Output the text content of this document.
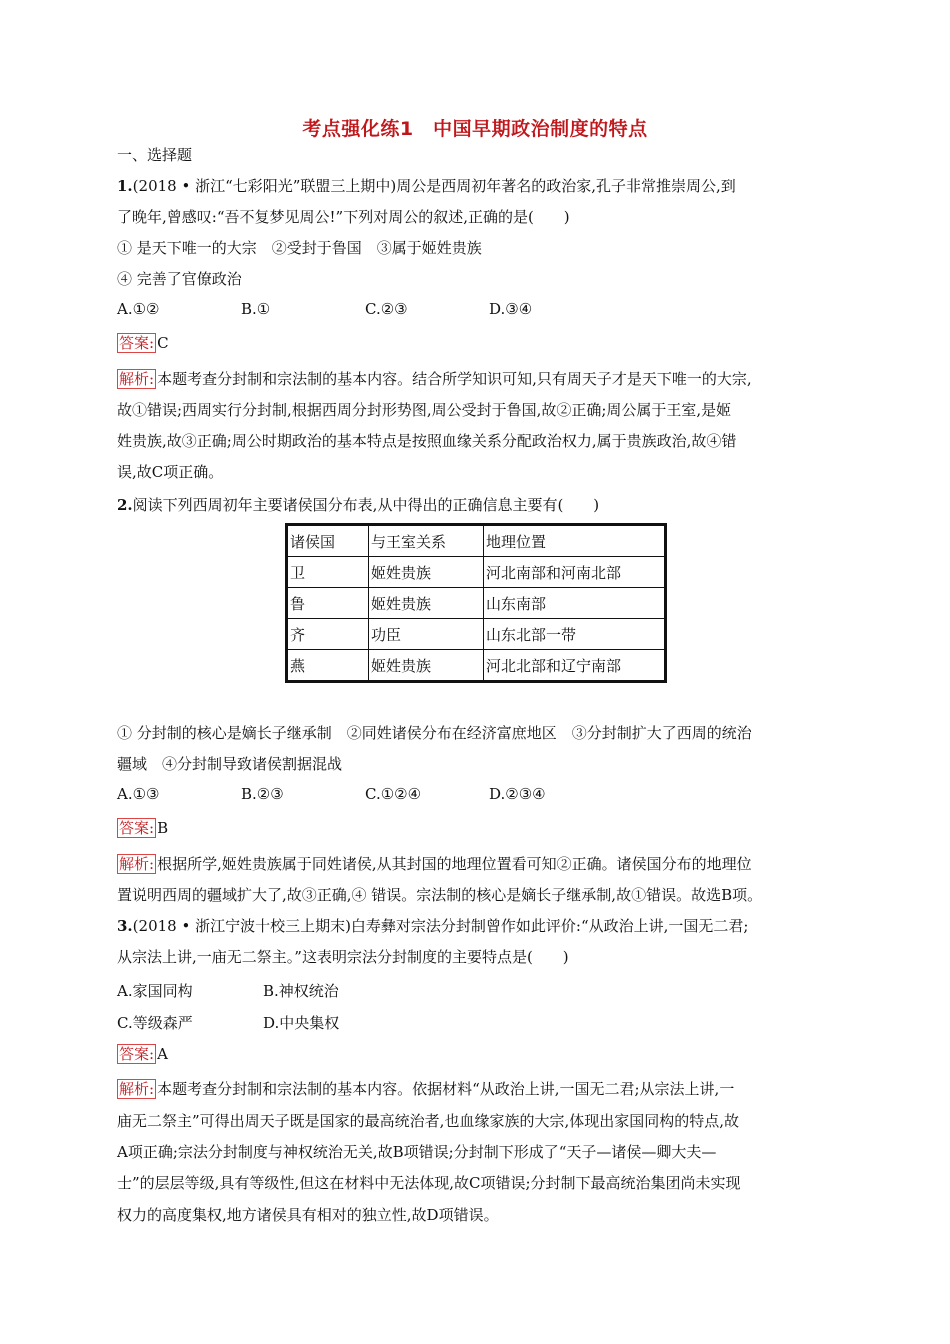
考点强化练1　中国早期政治制度的特点
一、选择题
1.(2018 • 浙江“七彩阳光”联盟三上期中)周公是西周初年著名的政治家,孔子非常推崇周公,到
了晚年,曾感叹:“吾不复梦见周公!”下列对周公的叙述,正确的是(　　)
① 是天下唯一的大宗　②受封于鲁国　③属于姬姓贵族
④ 完善了官僚政治
A.①②	B.①	C.②③	D.③④
答案: C
解析: 本题考查分封制和宗法制的基本内容。结合所学知识可知,只有周天子才是天下唯一的大宗,
故①错误;西周实行分封制,根据西周分封形势图,周公受封于鲁国,故②正确;周公属于王室,是姬
姓贵族,故③正确;周公时期政治的基本特点是按照血缘关系分配政治权力,属于贵族政治,故④错
误,故C项正确。
2.阅读下列西周初年主要诸侯国分布表,从中得出的正确信息主要有(　　)
诸侯国	与王室关系	地理位置
卫	姬姓贵族	河北南部和河南北部
鲁	姬姓贵族	山东南部
齐	功臣	山东北部一带
燕	姬姓贵族	河北北部和辽宁南部
① 分封制的核心是嫡长子继承制　②同姓诸侯分布在经济富庶地区　③分封制扩大了西周的统治
疆域　④分封制导致诸侯割据混战
A.①③	B.②③	C.①②④	D.②③④
答案: B
解析: 根据所学,姬姓贵族属于同姓诸侯,从其封国的地理位置看可知②正确。诸侯国分布的地理位
置说明西周的疆域扩大了,故③正确,④ 错误。宗法制的核心是嫡长子继承制,故①错误。故选B项。
3.(2018 • 浙江宁波十校三上期末)白寿彝对宗法分封制曾作如此评价:“从政治上讲,一国无二君;
从宗法上讲,一庙无二祭主。”这表明宗法分封制度的主要特点是(　　)
A.家国同构	B.神权统治
C.等级森严	D.中央集权
答案: A
解析: 本题考查分封制和宗法制的基本内容。依据材料“从政治上讲,一国无二君;从宗法上讲,一
庙无二祭主”可得出周天子既是国家的最高统治者,也血缘家族的大宗,体现出家国同构的特点,故
A项正确;宗法分封制度与神权统治无关,故B项错误;分封制下形成了“天子—诸侯—卿大夫—
士”的层层等级,具有等级性,但这在材料中无法体现,故C项错误;分封制下最高统治集团尚未实现
权力的高度集权,地方诸侯具有相对的独立性,故D项错误。
